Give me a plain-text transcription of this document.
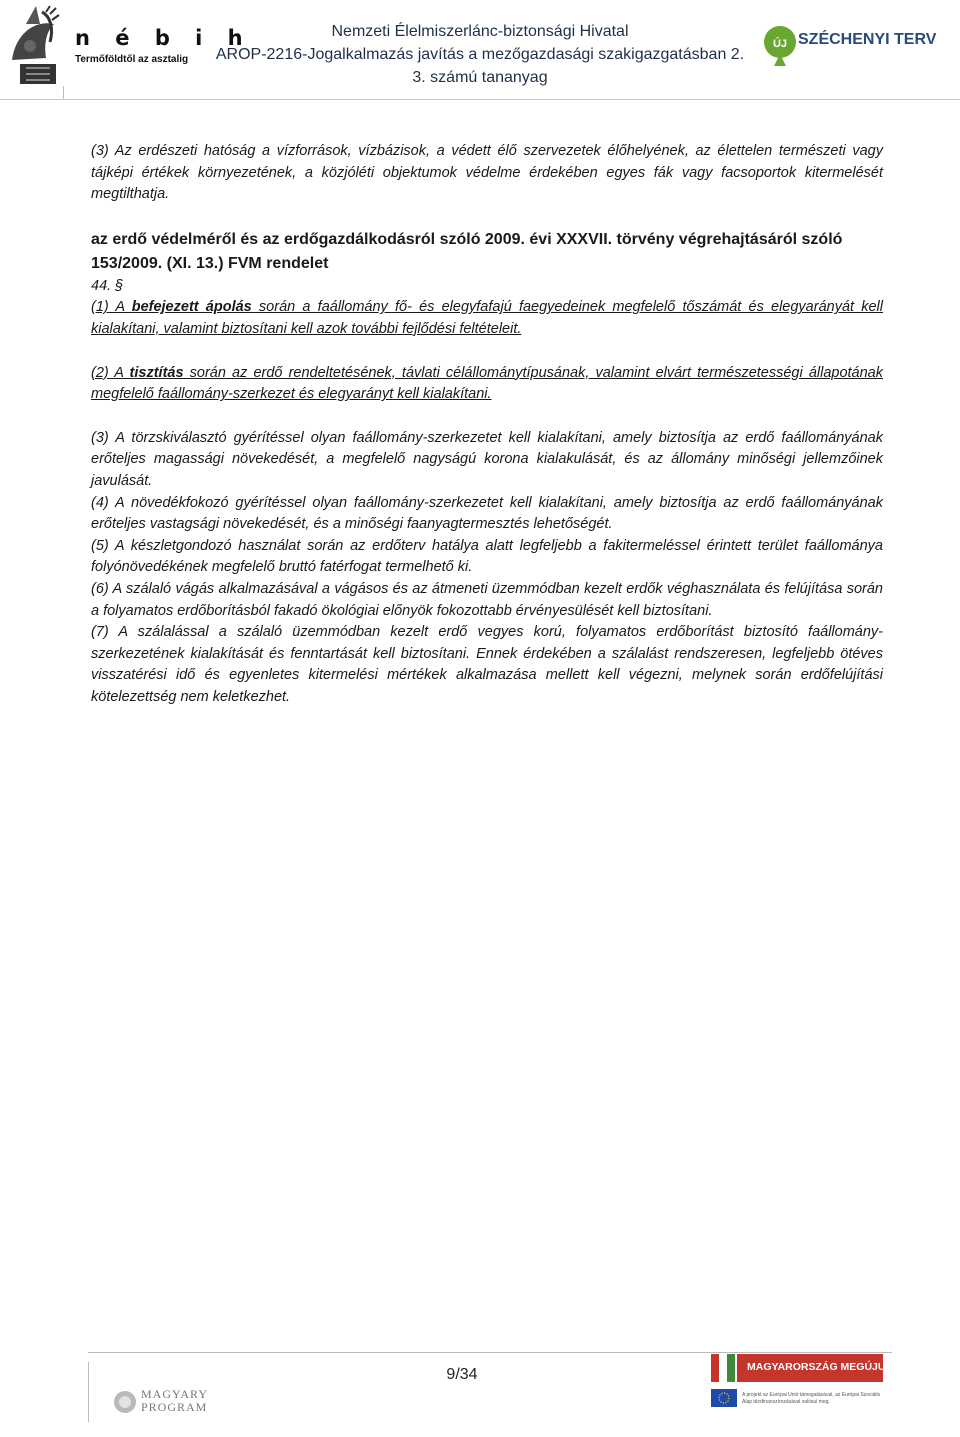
n é b i h
Termőföldtől az asztalig
Nemzeti Élelmiszerlánc-biztonsági Hivatal
AROP-2216-Jogalkalmazás javítás a mezőgazdasági szakigazgatásban 2.
3. számú tananyag
ÚJ SZÉCHENYI TERV

(3) Az erdészeti hatóság a vízforrások, vízbázisok, a védett élő szervezetek élőhelyének, az élettelen természeti vagy tájképi értékek környezetének, a közjóléti objektumok védelme érdekében egyes fák vagy facsoportok kitermelését megtilthatja.

az erdő védelméről és az erdőgazdálkodásról szóló 2009. évi XXXVII. törvény végrehajtásáról szóló 153/2009. (XI. 13.) FVM rendelet

44. §

(1) A befejezett ápolás során a faállomány fő- és elegyfafajú faegyedeinek megfelelő tőszámát és elegyarányát kell kialakítani, valamint biztosítani kell azok további fejlődési feltételeit.

(2) A tisztítás során az erdő rendeltetésének, távlati célállománytípusának, valamint elvárt természetességi állapotának megfelelő faállomány-szerkezet és elegyarányt kell kialakítani.

(3) A törzskiválasztó gyérítéssel olyan faállomány-szerkezetet kell kialakítani, amely biztosítja az erdő faállományának erőteljes magassági növekedését, a megfelelő nagyságú korona kialakulását, és az állomány minőségi jellemzőinek javulását.

(4) A növedékfokozó gyérítéssel olyan faállomány-szerkezetet kell kialakítani, amely biztosítja az erdő faállományának erőteljes vastagsági növekedését, és a minőségi faanyagtermesztés lehetőségét.

(5) A készletgondozó használat során az erdőterv hatálya alatt legfeljebb a fakitermeléssel érintett terület faállománya folyónövedékének megfelelő bruttó fatérfogat termelhető ki.

(6) A szálaló vágás alkalmazásával a vágásos és az átmeneti üzemmódban kezelt erdők véghasználata és felújítása során a folyamatos erdőborításból fakadó ökológiai előnyök fokozottabb érvényesülését kell biztosítani.

(7) A szálalással a szálaló üzemmódban kezelt erdő vegyes korú, folyamatos erdőborítást biztosító faállomány-szerkezetének kialakítását és fenntartását kell biztosítani. Ennek érdekében a szálalást rendszeresen, legfeljebb ötéves visszatérési idő és egyenletes kitermelési mértékek alkalmazása mellett kell végezni, melynek során erdőfelújítási kötelezettség nem keletkezhet.

9/34
MAGYARY
PROGRAM
MAGYARORSZÁG MEGÚJUL
A projekt az Európai Unió támogatásával, az Európai Szociális Alap társfinanszírozásával valósul meg.
